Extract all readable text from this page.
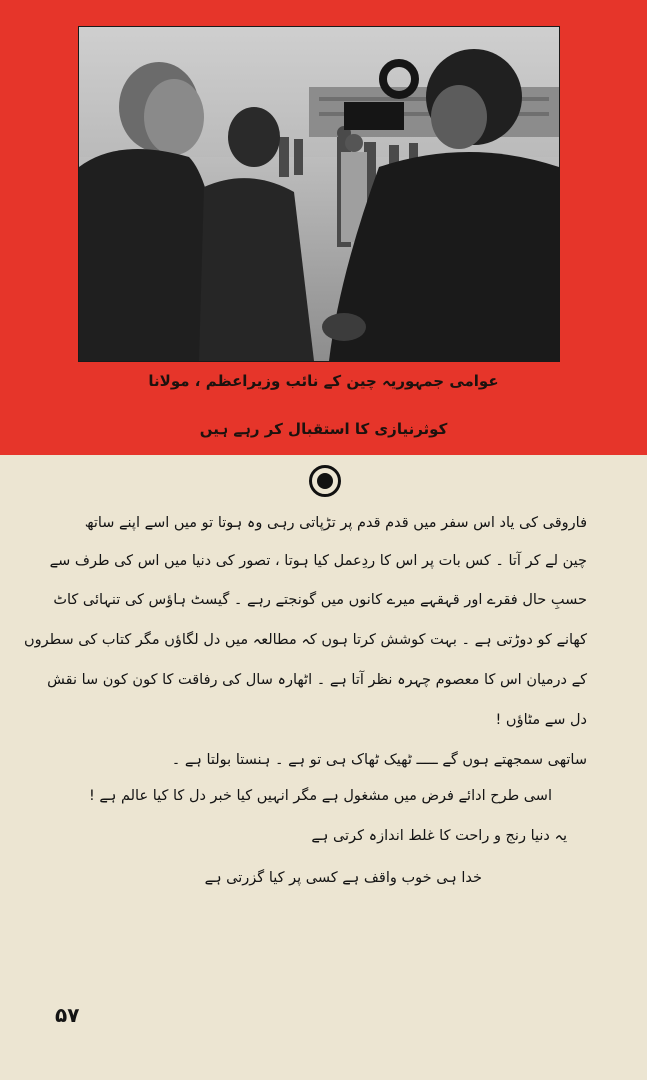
عوامی جمہوریہ چین کے نائب وزیراعظم ، مولانا
کوثرنیازی کا استقبال کر رہے ہیں
فاروقی کی یاد اس سفر میں قدم قدم پر تڑپاتی رہی وہ ہوتا تو میں اسے اپنے ساتھ
چین لے کر آتا ۔ کس بات پر اس کا ردِعمل کیا ہوتا ، تصور کی دنیا میں اس کی طرف سے
حسبِ حال فقرے اور قہقہے میرے کانوں میں گونجتے رہے ۔ گیسٹ ہاؤس کی تنہائی کاٹ
کھانے کو دوڑتی ہے ۔ بہت کوشش کرتا ہوں کہ مطالعہ میں دل لگاؤں مگر کتاب کی سطروں
کے درمیان اس کا معصوم چہرہ نظر آتا ہے ۔ اٹھارہ سال کی رفاقت کا کون کون سا نقش
دل سے مٹاؤں !
ساتھی سمجھتے ہوں گے ـــــ ٹھیک ٹھاک ہی تو ہے ۔ ہنستا بولتا ہے ۔
اسی طرح ادائے فرض میں مشغول ہے مگر انہیں کیا خبر دل کا کیا عالم ہے !
یہ دنیا رنج و راحت کا غلط اندازہ کرتی ہے
خدا ہی خوب واقف ہے کسی پر کیا گزرتی ہے
۵۷
